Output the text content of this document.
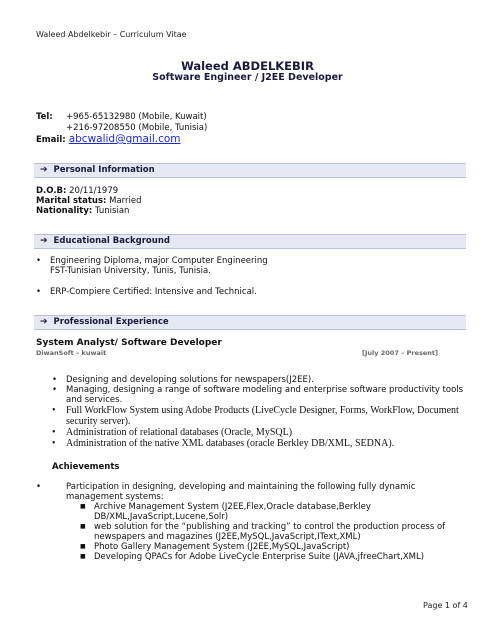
Waleed Abdelkebir – Curriculum Vitae
Waleed ABDELKEBIR
Software Engineer / J2EE Developer
Tel: +965-65132980 (Mobile, Kuwait)
+216-97208550 (Mobile, Tunisia)
Email: abcwalid@gmail.com
➔ Personal Information
D.O.B: 20/11/1979
Marital status: Married
Nationality: Tunisian
➔ Educational Background
• Engineering Diploma, major Computer Engineering
FST-Tunisian University, Tunis, Tunisia.
• ERP-Compiere Certified: Intensive and Technical.
➔ Professional Experience
System Analyst/ Software Developer
DiwanSoft – kuwait	[July 2007 – Present]
• Designing and developing solutions for newspapers(J2EE).
• Managing, designing a range of software modeling and enterprise software productivity tools and services.
• Full WorkFlow System using Adobe Products (LiveCycle Designer, Forms, WorkFlow, Document security server).
• Administration of relational databases (Oracle, MySQL)
• Administration of the native XML databases (oracle Berkley DB/XML, SEDNA).
Achievements
•	Participation in designing, developing and maintaining the following fully dynamic management systems:
■ Archive Management System (J2EE,Flex,Oracle database,Berkley DB/XML,JavaScript,Lucene,Solr)
■ web solution for the “publishing and tracking” to control the production process of newspapers and magazines (J2EE,MySQL,JavaScript,IText,XML)
■ Photo Gallery Management System (J2EE,MySQL,JavaScript)
■ Developing QPACs for Adobe LiveCycle Enterprise Suite (JAVA,jfreeChart,XML)
Page 1 of 4
